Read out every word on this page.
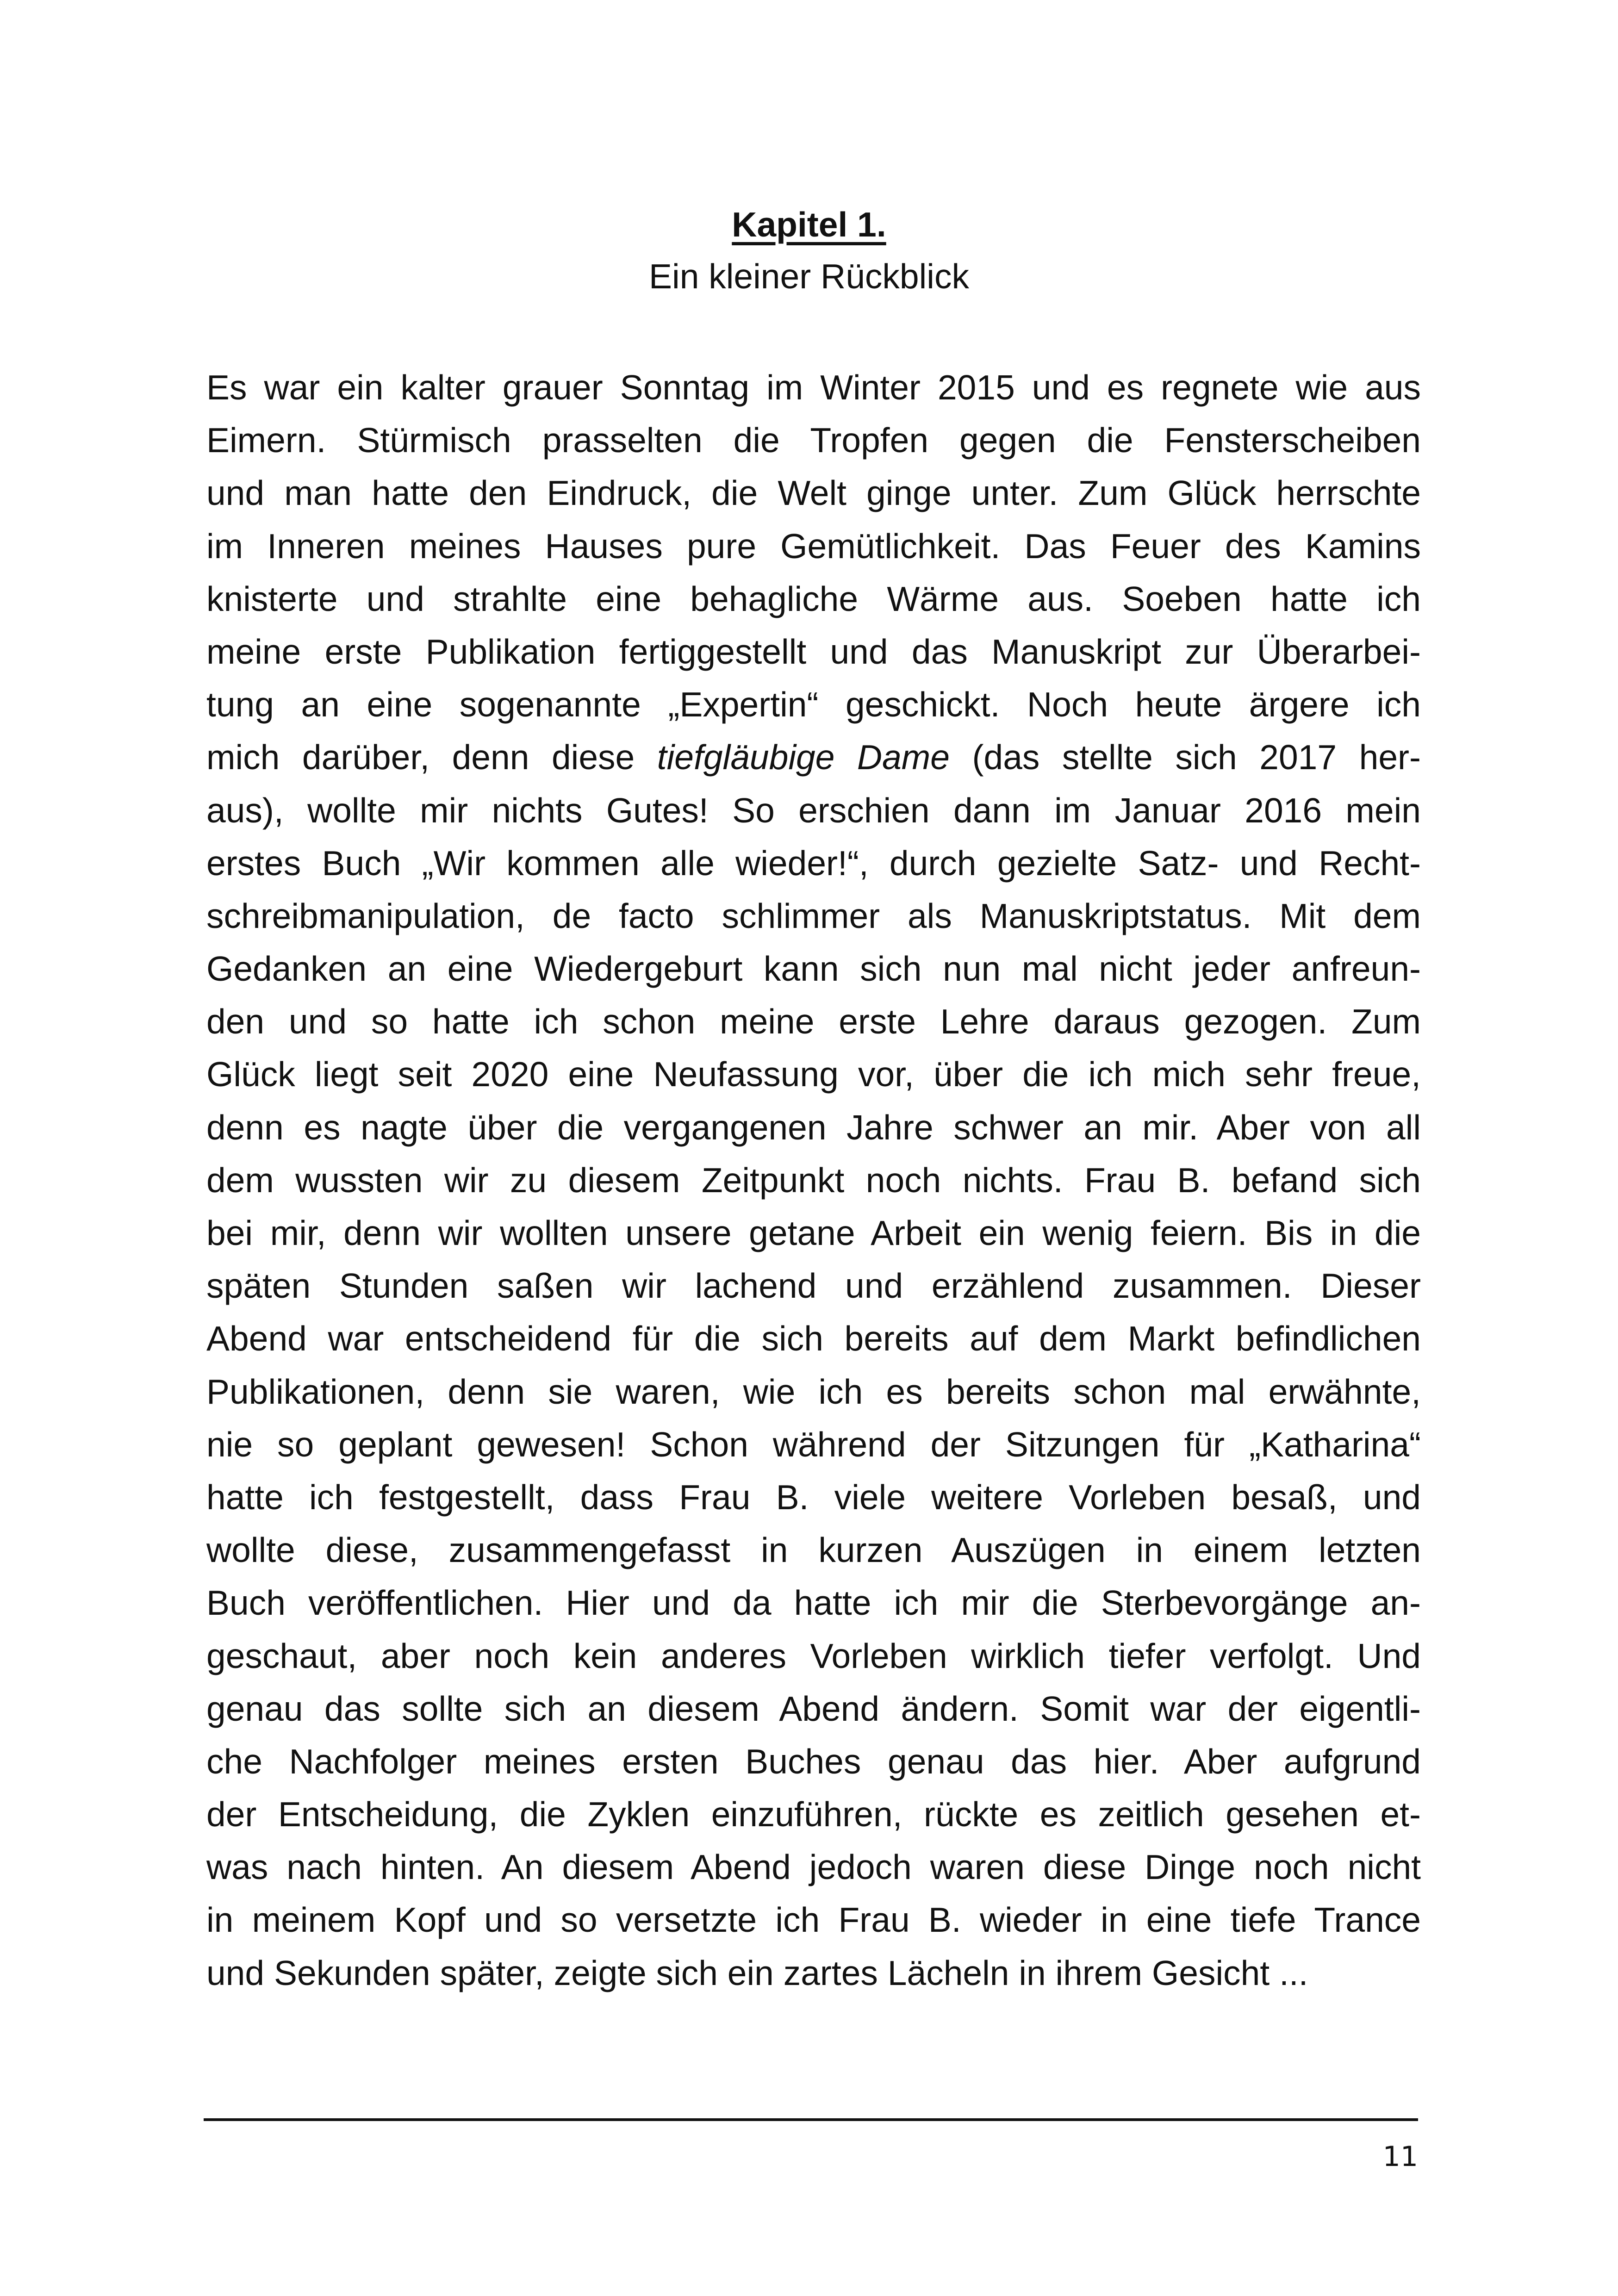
Kapitel 1.
Ein kleiner Rückblick
Es war ein kalter grauer Sonntag im Winter 2015 und es regnete wie aus
Eimern. Stürmisch prasselten die Tropfen gegen die Fensterscheiben
und man hatte den Eindruck, die Welt ginge unter. Zum Glück herrschte
im Inneren meines Hauses pure Gemütlichkeit. Das Feuer des Kamins
knisterte und strahlte eine behagliche Wärme aus. Soeben hatte ich
meine erste Publikation fertiggestellt und das Manuskript zur Überarbei-
tung an eine sogenannte „Expertin“ geschickt. Noch heute ärgere ich
mich darüber, denn diese tiefgläubige Dame (das stellte sich 2017 her-
aus), wollte mir nichts Gutes! So erschien dann im Januar 2016 mein
erstes Buch „Wir kommen alle wieder!“, durch gezielte Satz- und Recht-
schreibmanipulation, de facto schlimmer als Manuskriptstatus. Mit dem
Gedanken an eine Wiedergeburt kann sich nun mal nicht jeder anfreun-
den und so hatte ich schon meine erste Lehre daraus gezogen. Zum
Glück liegt seit 2020 eine Neufassung vor, über die ich mich sehr freue,
denn es nagte über die vergangenen Jahre schwer an mir. Aber von all
dem wussten wir zu diesem Zeitpunkt noch nichts. Frau B. befand sich
bei mir, denn wir wollten unsere getane Arbeit ein wenig feiern. Bis in die
späten Stunden saßen wir lachend und erzählend zusammen. Dieser
Abend war entscheidend für die sich bereits auf dem Markt befindlichen
Publikationen, denn sie waren, wie ich es bereits schon mal erwähnte,
nie so geplant gewesen! Schon während der Sitzungen für „Katharina“
hatte ich festgestellt, dass Frau B. viele weitere Vorleben besaß, und
wollte diese, zusammengefasst in kurzen Auszügen in einem letzten
Buch veröffentlichen. Hier und da hatte ich mir die Sterbevorgänge an-
geschaut, aber noch kein anderes Vorleben wirklich tiefer verfolgt. Und
genau das sollte sich an diesem Abend ändern. Somit war der eigentli-
che Nachfolger meines ersten Buches genau das hier. Aber aufgrund
der Entscheidung, die Zyklen einzuführen, rückte es zeitlich gesehen et-
was nach hinten. An diesem Abend jedoch waren diese Dinge noch nicht
in meinem Kopf und so versetzte ich Frau B. wieder in eine tiefe Trance
und Sekunden später, zeigte sich ein zartes Lächeln in ihrem Gesicht ...
11
